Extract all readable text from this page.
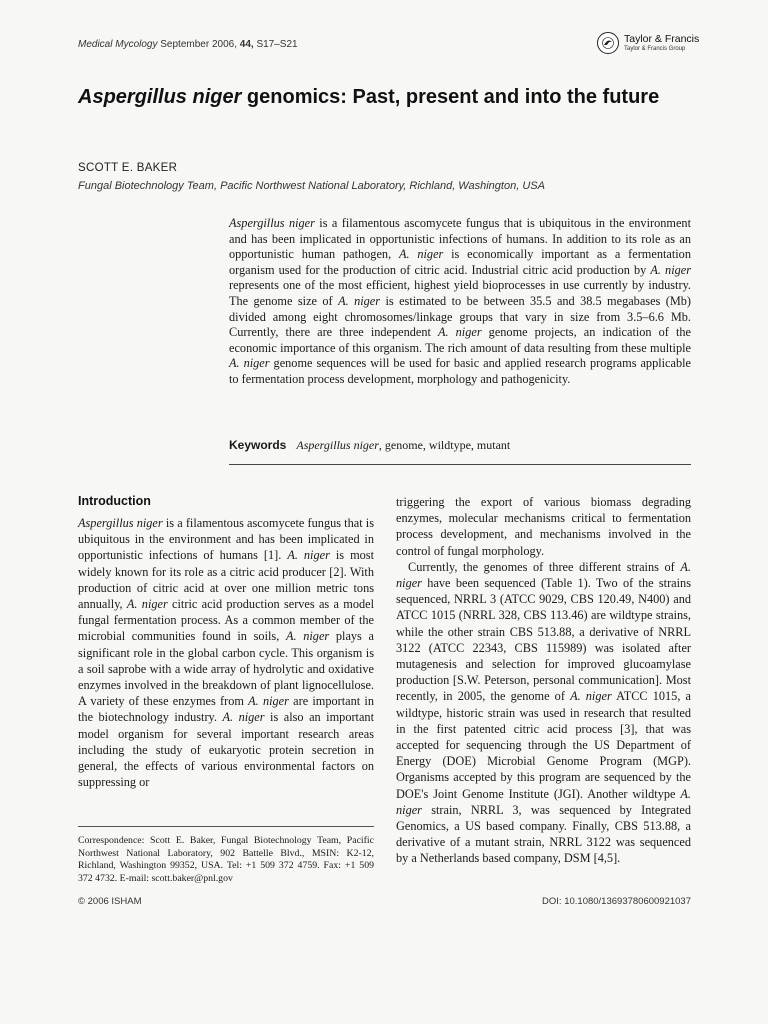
Medical Mycology September 2006, 44, S17–S21	Taylor & Francis
Taylor & Francis Group
Aspergillus niger genomics: Past, present and into the future
SCOTT E. BAKER
Fungal Biotechnology Team, Pacific Northwest National Laboratory, Richland, Washington, USA

Aspergillus niger is a filamentous ascomycete fungus that is ubiquitous in the environment and has been implicated in opportunistic infections of humans. In addition to its role as an opportunistic human pathogen, A. niger is economically important as a fermentation organism used for the production of citric acid. Industrial citric acid production by A. niger represents one of the most efficient, highest yield bioprocesses in use currently by industry. The genome size of A. niger is estimated to be between 35.5 and 38.5 megabases (Mb) divided among eight chromosomes/linkage groups that vary in size from 3.5–6.6 Mb. Currently, there are three independent A. niger genome projects, an indication of the economic importance of this organism. The rich amount of data resulting from these multiple A. niger genome sequences will be used for basic and applied research programs applicable to fermentation process development, morphology and pathogenicity.

Keywords Aspergillus niger, genome, wildtype, mutant
Introduction

Aspergillus niger is a filamentous ascomycete fungus that is ubiquitous in the environment and has been implicated in opportunistic infections of humans [1]. A. niger is most widely known for its role as a citric acid producer [2]. With production of citric acid at over one million metric tons annually, A. niger citric acid production serves as a model fungal fermentation process. As a common member of the microbial communities found in soils, A. niger plays a significant role in the global carbon cycle. This organism is a soil saprobe with a wide array of hydrolytic and oxidative enzymes involved in the breakdown of plant lignocellulose. A variety of these enzymes from A. niger are important in the biotechnology industry. A. niger is also an important model organism for several important research areas including the study of eukaryotic protein secretion in general, the effects of various environmental factors on suppressing or

triggering the export of various biomass degrading enzymes, molecular mechanisms critical to fermentation process development, and mechanisms involved in the control of fungal morphology.

Currently, the genomes of three different strains of A. niger have been sequenced (Table 1). Two of the strains sequenced, NRRL 3 (ATCC 9029, CBS 120.49, N400) and ATCC 1015 (NRRL 328, CBS 113.46) are wildtype strains, while the other strain CBS 513.88, a derivative of NRRL 3122 (ATCC 22343, CBS 115989) was isolated after mutagenesis and selection for improved glucoamylase production [S.W. Peterson, personal communication]. Most recently, in 2005, the genome of A. niger ATCC 1015, a wildtype, historic strain was used in research that resulted in the first patented citric acid process [3], that was accepted for sequencing through the US Department of Energy (DOE) Microbial Genome Program (MGP). Organisms accepted by this program are sequenced by the DOE's Joint Genome Institute (JGI). Another wildtype A. niger strain, NRRL 3, was sequenced by Integrated Genomics, a US based company. Finally, CBS 513.88, a derivative of a mutant strain, NRRL 3122 was sequenced by a Netherlands based company, DSM [4,5].

Correspondence: Scott E. Baker, Fungal Biotechnology Team, Pacific Northwest National Laboratory, 902 Battelle Blvd., MSIN: K2-12, Richland, Washington 99352, USA. Tel: +1 509 372 4759. Fax: +1 509 372 4732. E-mail: scott.baker@pnl.gov

© 2006 ISHAM	DOI: 10.1080/13693780600921037
